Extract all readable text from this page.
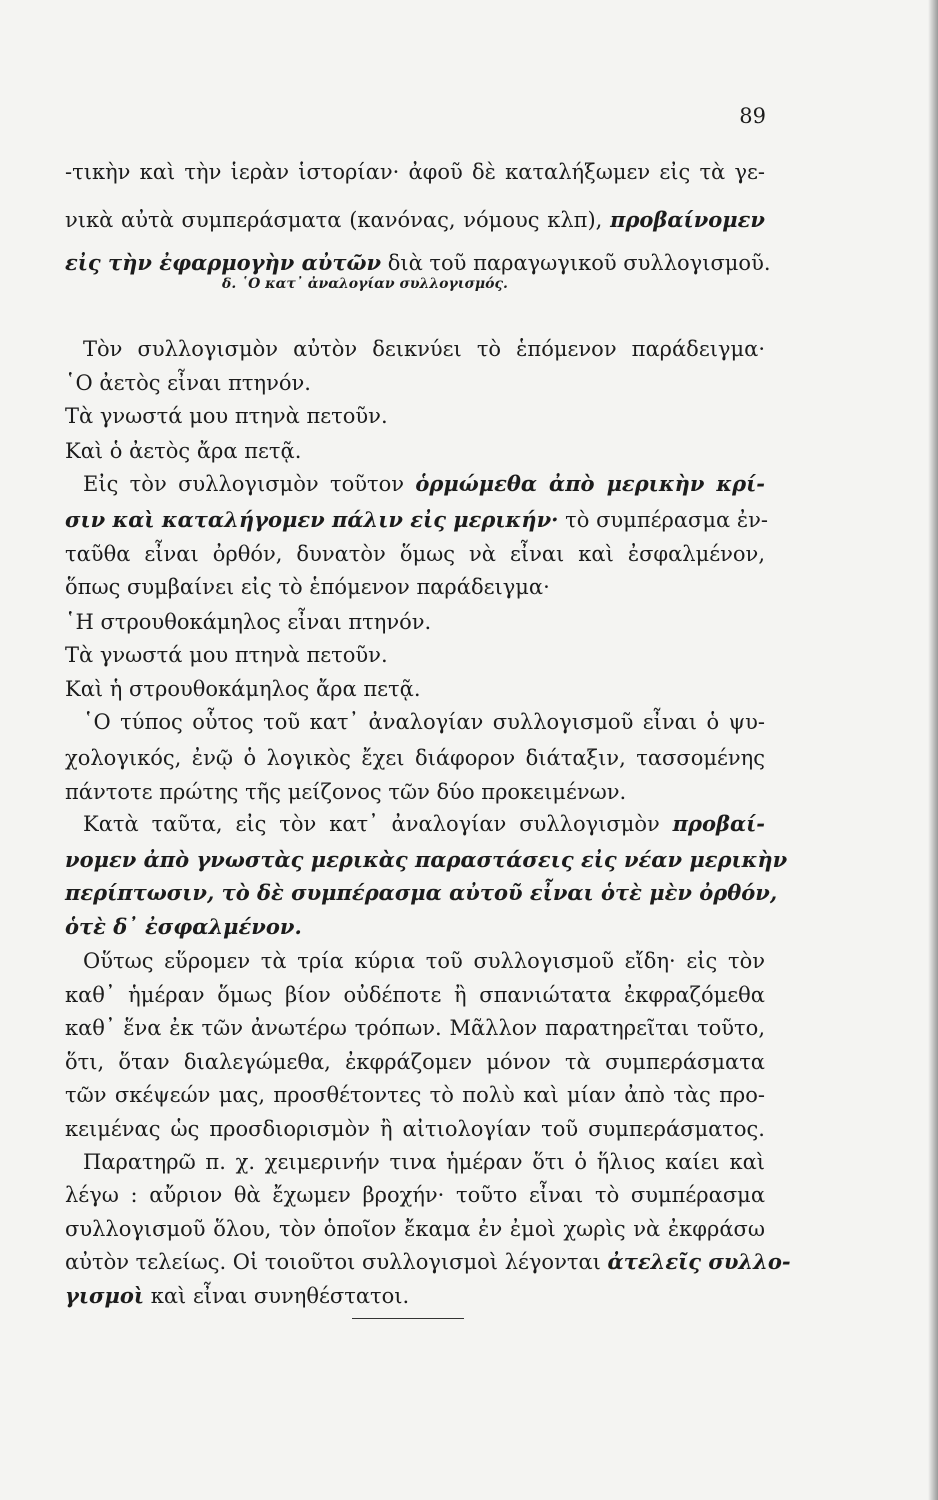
89
δ. ῾Ο κατ᾿ ἀναλογίαν συλλογισμός.
-τικὴν καὶ τὴν ἱερὰν ἱστορίαν· ἀφοῦ δὲ καταλήξωμεν εἰς τὰ γε-
νικὰ αὐτὰ συμπεράσματα (κανόνας, νόμους κλπ), προβαίνομεν
εἰς τὴν ἐφαρμογὴν αὐτῶν διὰ τοῦ παραγωγικοῦ συλλογισμοῦ.
Τὸν συλλογισμὸν αὐτὸν δεικνύει τὸ ἑπόμενον παράδειγμα·
῾Ο ἀετὸς εἶναι πτηνόν.
Τὰ γνωστά μου πτηνὰ πετοῦν.
Καὶ ὁ ἀετὸς ἄρα πετᾷ.
Εἰς τὸν συλλογισμὸν τοῦτον ὁρμώμεθα ἀπὸ μερικὴν κρί-
σιν καὶ καταλήγομεν πάλιν εἰς μερικήν· τὸ συμπέρασμα ἐν-
ταῦθα εἶναι ὀρθόν, δυνατὸν ὅμως νὰ εἶναι καὶ ἐσφαλμένον,
ὅπως συμβαίνει εἰς τὸ ἑπόμενον παράδειγμα·
῾Η στρουθοκάμηλος εἶναι πτηνόν.
Τὰ γνωστά μου πτηνὰ πετοῦν.
Καὶ ἡ στρουθοκάμηλος ἄρα πετᾷ.
῾Ο τύπος οὗτος τοῦ κατ᾿ ἀναλογίαν συλλογισμοῦ εἶναι ὁ ψυ-
χολογικός, ἐνῷ ὁ λογικὸς ἔχει διάφορον διάταξιν, τασσομένης
πάντοτε πρώτης τῆς μείζονος τῶν δύο προκειμένων.
Κατὰ ταῦτα, εἰς τὸν κατ᾿ ἀναλογίαν συλλογισμὸν προβαί-
νομεν ἀπὸ γνωστὰς μερικὰς παραστάσεις εἰς νέαν μερικὴν
περίπτωσιν, τὸ δὲ συμπέρασμα αὐτοῦ εἶναι ὁτὲ μὲν ὀρθόν,
ὁτὲ δ᾿ ἐσφαλμένον.
Οὕτως εὕρομεν τὰ τρία κύρια τοῦ συλλογισμοῦ εἴδη· εἰς τὸν
καθ᾿ ἡμέραν ὅμως βίον οὐδέποτε ἢ σπανιώτατα ἐκφραζόμεθα
καθ᾿ ἕνα ἐκ τῶν ἀνωτέρω τρόπων. Μᾶλλον παρατηρεῖται τοῦτο,
ὅτι, ὅταν διαλεγώμεθα, ἐκφράζομεν μόνον τὰ συμπεράσματα
τῶν σκέψεών μας, προσθέτοντες τὸ πολὺ καὶ μίαν ἀπὸ τὰς προ-
κειμένας ὡς προσδιορισμὸν ἢ αἰτιολογίαν τοῦ συμπεράσματος.
Παρατηρῶ π. χ. χειμερινήν τινα ἡμέραν ὅτι ὁ ἥλιος καίει καὶ
λέγω : αὔριον θὰ ἔχωμεν βροχήν· τοῦτο εἶναι τὸ συμπέρασμα
συλλογισμοῦ ὅλου, τὸν ὁποῖον ἔκαμα ἐν ἐμοὶ χωρὶς νὰ ἐκφράσω
αὐτὸν τελείως. Οἱ τοιοῦτοι συλλογισμοὶ λέγονται ἀτελεῖς συλλο-
γισμοὶ καὶ εἶναι συνηθέστατοι.
